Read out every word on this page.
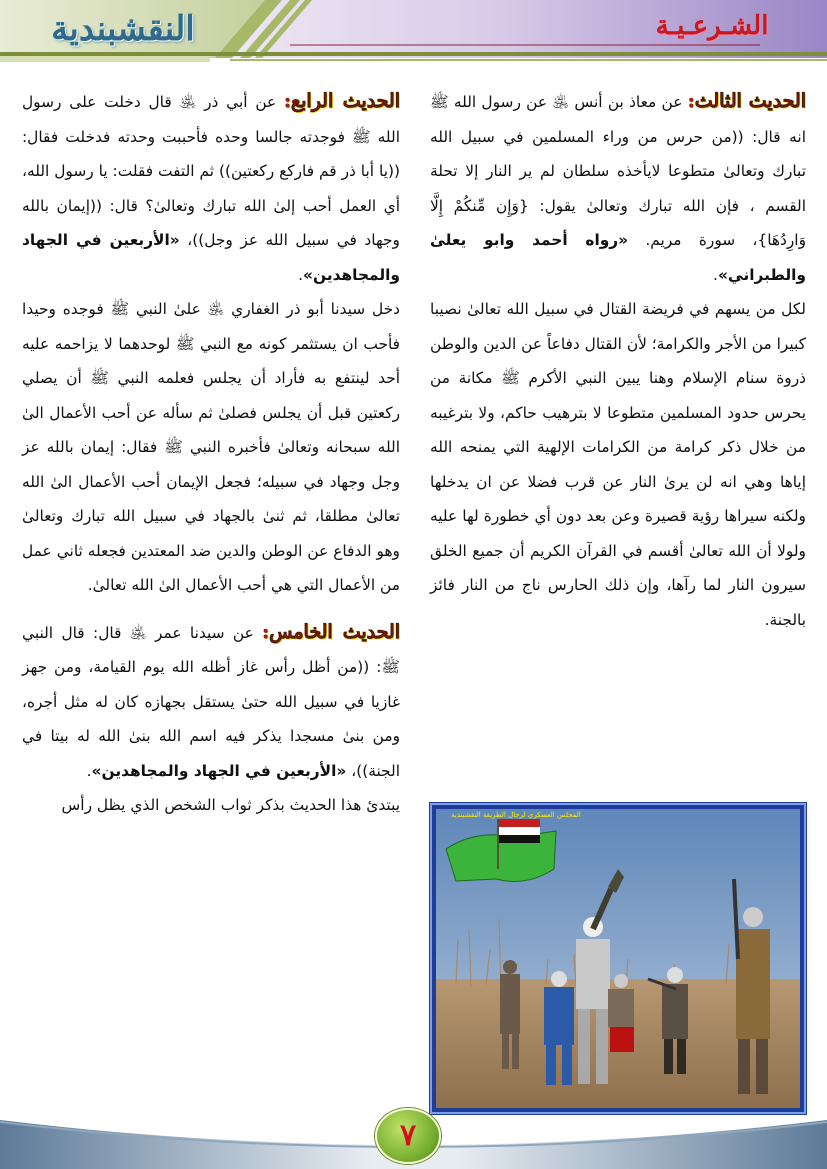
النقشبندية	الشـرعـيـة

الحديث الثالث: عن معاذ بن أنس ﵁ عن رسول الله ﷺ انه قال: ((من حرس من وراء المسلمين في سبيل الله تبارك وتعالىٰ متطوعا لايأخذه سلطان لم ير النار إلا تحلة القسم ، فإن الله تبارك وتعالىٰ يقول: {وَإِن مِّنكُمْ إِلَّا وَارِدُهَا}، سورة مريم. «رواه أحمد وابو يعلىٰ والطبراني».

لكل من يسهم في فريضة القتال في سبيل الله تعالىٰ نصيبا كبيرا من الأجر والكرامة؛ لأن القتال دفاعاً عن الدين والوطن ذروة سنام الإسلام وهنا يبين النبي الأكرم ﷺ مكانة من يحرس حدود المسلمين متطوعا لا بترهيب حاكم، ولا بترغيبه من خلال ذكر كرامة من الكرامات الإلهية التي يمنحه الله إياها وهي انه لن يرىٰ النار عن قرب فضلا عن ان يدخلها ولكنه سيراها رؤية قصيرة وعن بعد دون أي خطورة لها عليه ولولا أن الله تعالىٰ أقسم في القرآن الكريم أن جميع الخلق سيرون النار لما رآها، وإن ذلك الحارس ناج من النار فائز بالجنة.

الحديث الرابع: عن أبي ذر ﵁ قال دخلت على رسول الله ﷺ فوجدته جالسا وحده فأحببت وحدته فدخلت فقال: ((يا أبا ذر قم فاركع ركعتين)) ثم التفت فقلت: يا رسول الله، أي العمل أحب إلىٰ الله تبارك وتعالىٰ؟ قال: ((إيمان بالله وجهاد في سبيل الله عز وجل))، «الأربعين في الجهاد والمجاهدين».

دخل سيدنا أبو ذر الغفاري ﵁ علىٰ النبي ﷺ فوجده وحيدا فأحب ان يستثمر كونه مع النبي ﷺ لوحدهما لا يزاحمه عليه أحد لينتفع به فأراد أن يجلس فعلمه النبي ﷺ أن يصلي ركعتين قبل أن يجلس فصلىٰ ثم سأله عن أحب الأعمال الىٰ الله سبحانه وتعالىٰ فأخبره النبي ﷺ فقال: إيمان بالله عز وجل وجهاد في سبيله؛ فجعل الإيمان أحب الأعمال الىٰ الله تعالىٰ مطلقا، ثم ثنىٰ بالجهاد في سبيل الله تبارك وتعالىٰ وهو الدفاع عن الوطن والدين ضد المعتدين فجعله ثاني عمل من الأعمال التي هي أحب الأعمال الىٰ الله تعالىٰ.

الحديث الخامس: عن سيدنا عمر ﵁ قال: قال النبي ﷺ: ((من أظل رأس غاز أظله الله يوم القيامة، ومن جهز غازيا في سبيل الله حتىٰ يستقل بجهازه كان له مثل أجره، ومن بنىٰ مسجدا يذكر فيه اسم الله بنىٰ الله له بيتا في الجنة))، «الأربعين في الجهاد والمجاهدين».

يبتدئ هذا الحديث بذكر ثواب الشخص الذي يظل رأس

المجلس العسكري لرجال الطريقة النقشبندية
٧
